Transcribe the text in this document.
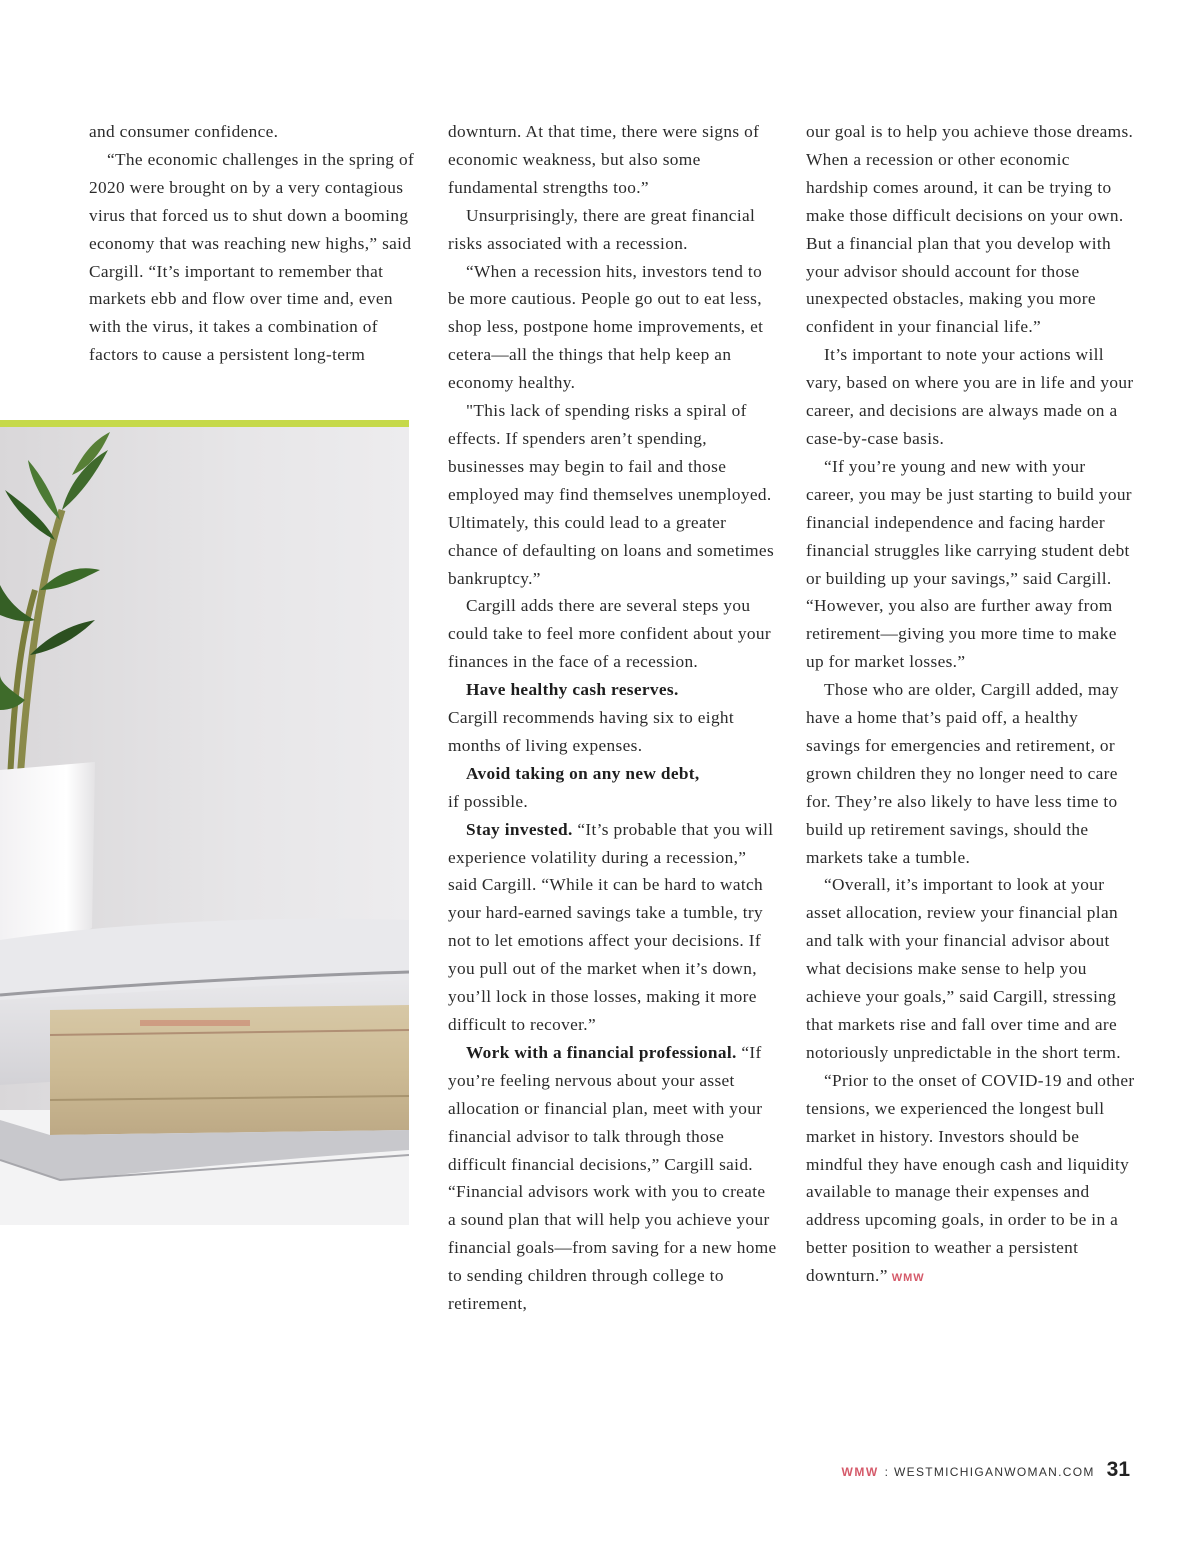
and consumer confidence.

“The economic challenges in the spring of 2020 were brought on by a very contagious virus that forced us to shut down a booming economy that was reaching new highs,” said Cargill. “It’s important to remember that markets ebb and flow over time and, even with the virus, it takes a combination of factors to cause a persistent long-term

downturn. At that time, there were signs of economic weakness, but also some fundamental strengths too.”

Unsurprisingly, there are great financial risks associated with a recession.

“When a recession hits, investors tend to be more cautious. People go out to eat less, shop less, postpone home improvements, et cetera—all the things that help keep an economy healthy.

"This lack of spending risks a spiral of effects. If spenders aren’t spending, businesses may begin to fail and those employed may find themselves unemployed. Ultimately, this could lead to a greater chance of defaulting on loans and sometimes bankruptcy.”

Cargill adds there are several steps you could take to feel more confident about your finances in the face of a recession.

Have healthy cash reserves.

Cargill recommends having six to eight months of living expenses.

Avoid taking on any new debt,

if possible.

Stay invested. “It’s probable that you will experience volatility during a recession,” said Cargill. “While it can be hard to watch your hard-earned savings take a tumble, try not to let emotions affect your decisions. If you pull out of the market when it’s down, you’ll lock in those losses, making it more difficult to recover.”

Work with a financial professional. “If you’re feeling nervous about your asset allocation or financial plan, meet with your financial advisor to talk through those difficult financial decisions,” Cargill said. “Financial advisors work with you to create a sound plan that will help you achieve your financial goals—from saving for a new home to sending children through college to retirement,

our goal is to help you achieve those dreams. When a recession or other economic hardship comes around, it can be trying to make those difficult decisions on your own. But a financial plan that you develop with your advisor should account for those unexpected obstacles, making you more confident in your financial life.”

It’s important to note your actions will vary, based on where you are in life and your career, and decisions are always made on a case-by-case basis.

“If you’re young and new with your career, you may be just starting to build your financial independence and facing harder financial struggles like carrying student debt or building up your savings,” said Cargill. “However, you also are further away from retirement—giving you more time to make up for market losses.”

Those who are older, Cargill added, may have a home that’s paid off, a healthy savings for emergencies and retirement, or grown children they no longer need to care for. They’re also likely to have less time to build up retirement savings, should the markets take a tumble.

“Overall, it’s important to look at your asset allocation, review your financial plan and talk with your financial advisor about what decisions make sense to help you achieve your goals,” said Cargill, stressing that markets rise and fall over time and are notoriously unpredictable in the short term.

“Prior to the onset of COVID-19 and other tensions, we experienced the longest bull market in history. Investors should be mindful they have enough cash and liquidity available to manage their expenses and address upcoming goals, in order to be in a better position to weather a persistent downturn.” WMW

WMW : WESTMICHIGANWOMAN.COM 31
